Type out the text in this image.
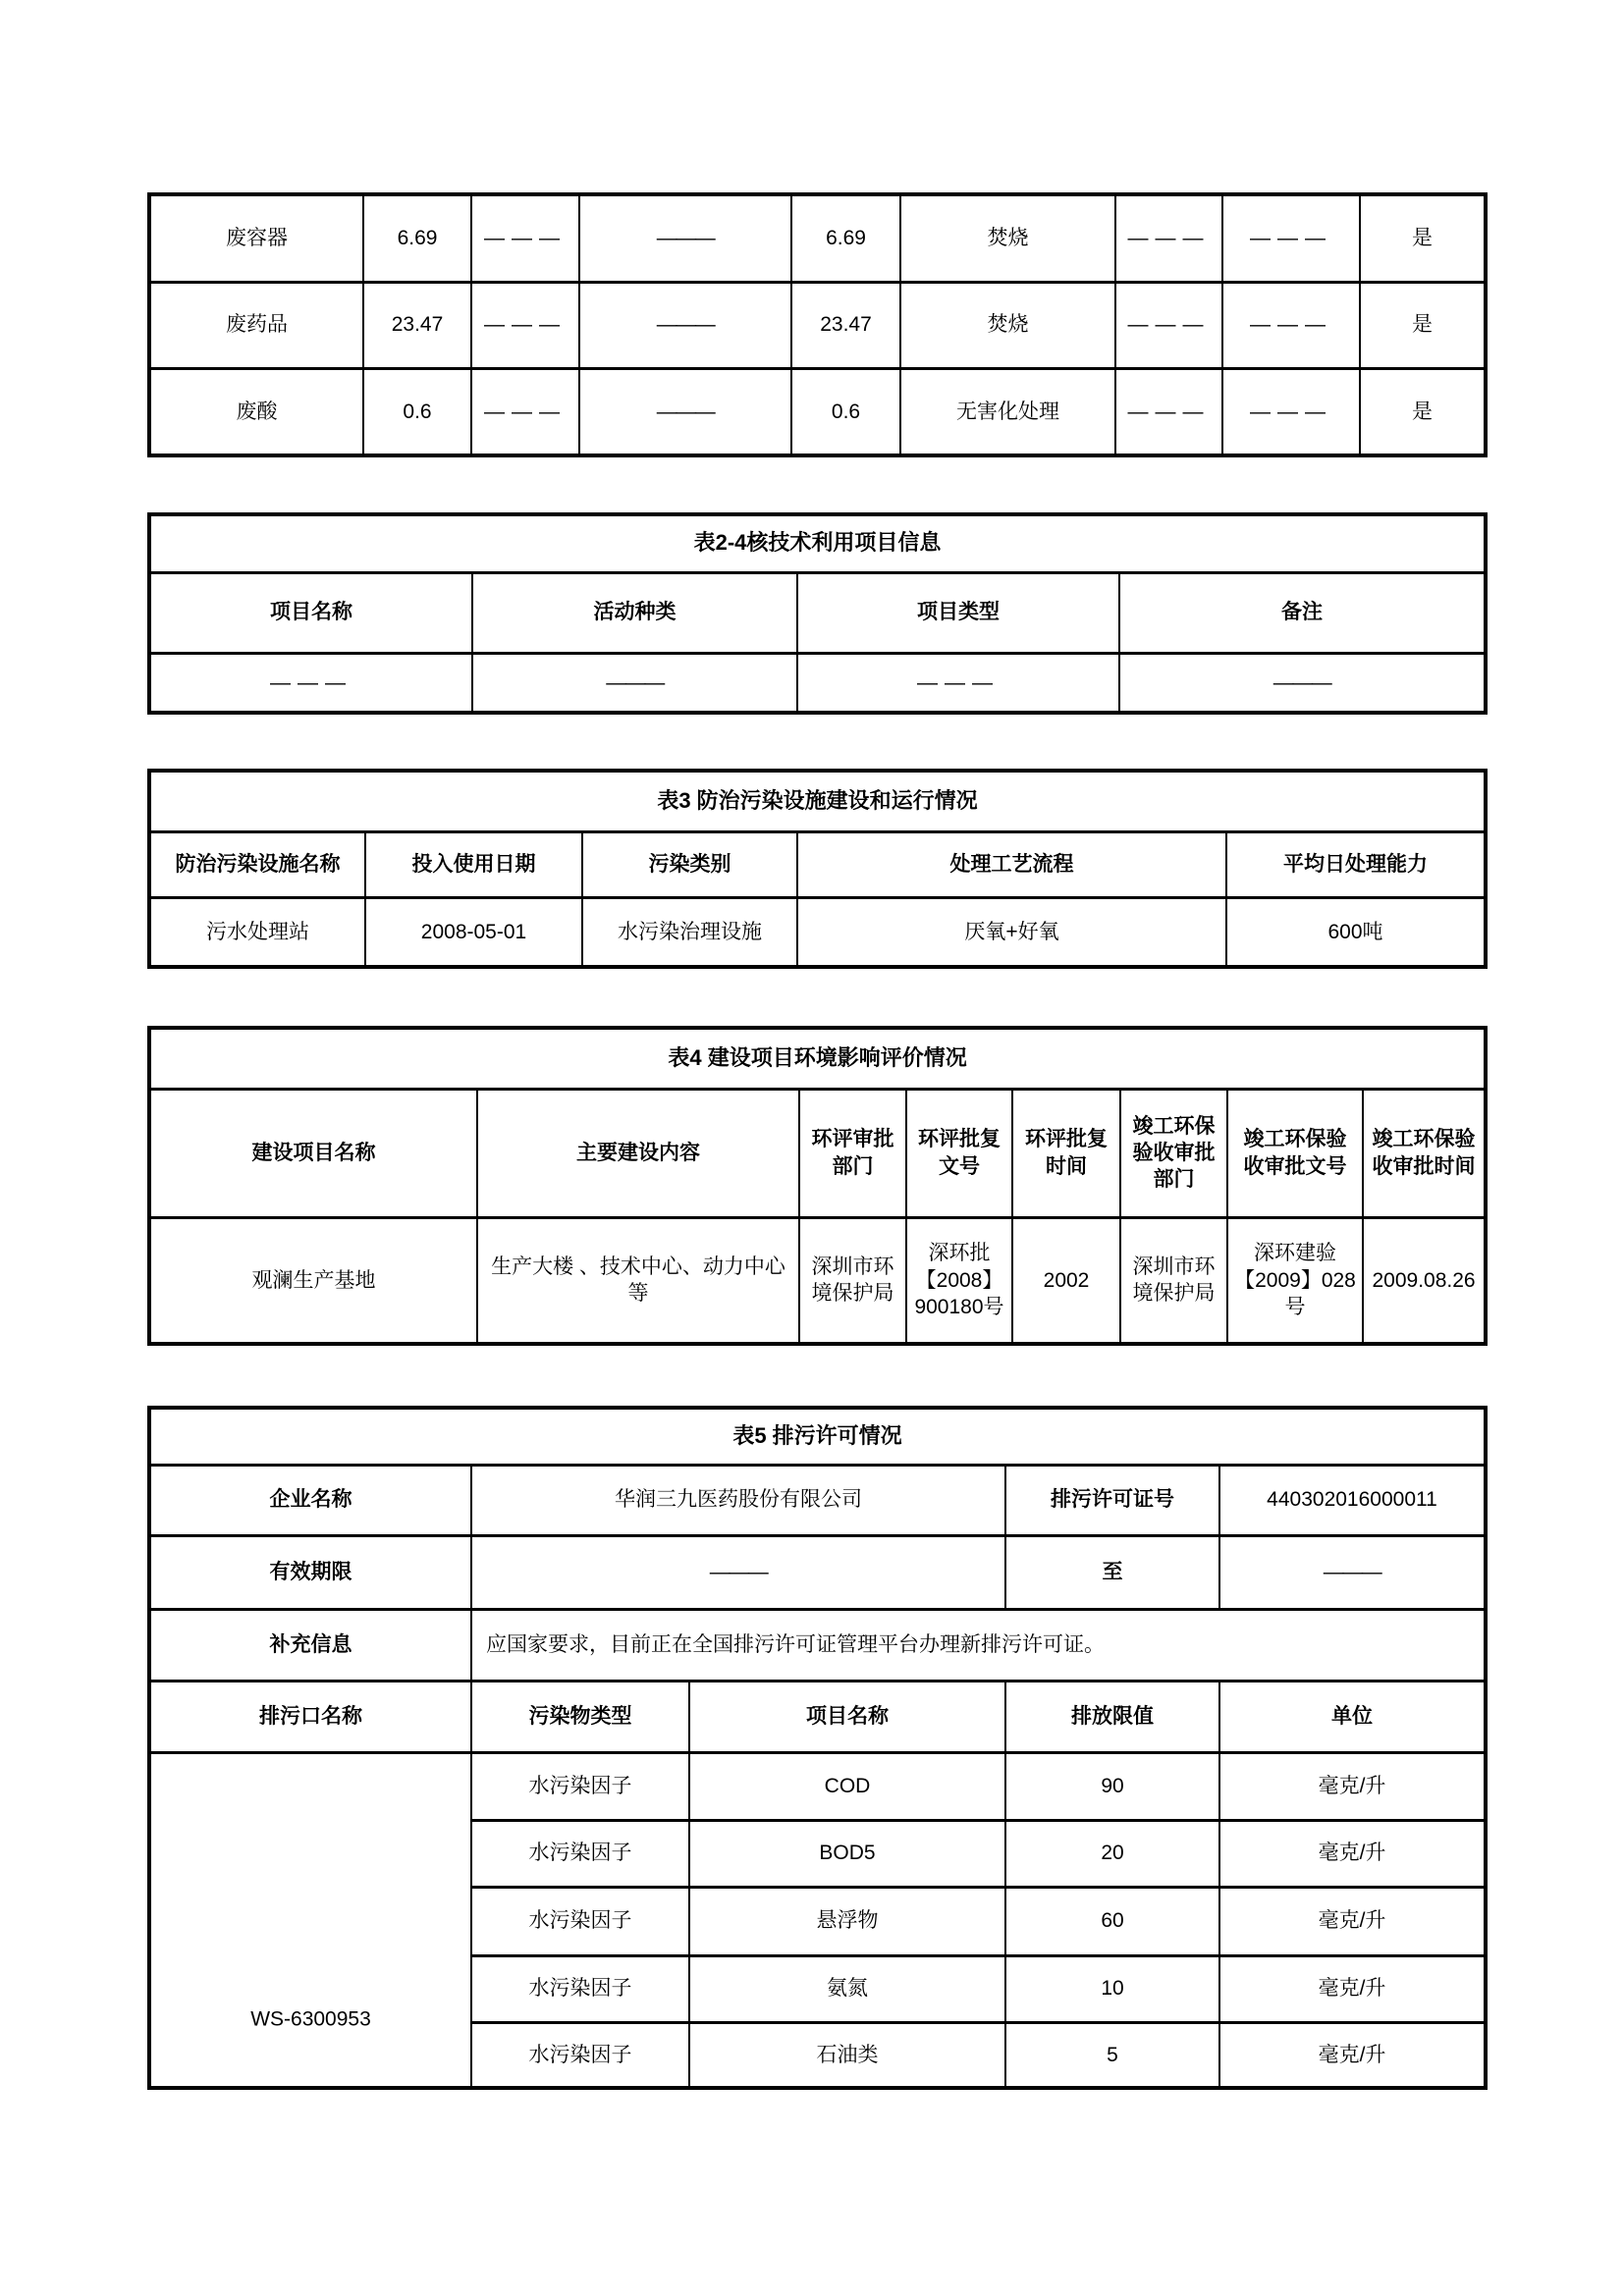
废容器	6.69	———	———	6.69	焚烧	———	———	是
废药品	23.47	———	———	23.47	焚烧	———	———	是
废酸	0.6	———	———	0.6	无害化处理	———	———	是
表2-4核技术利用项目信息			
项目名称	活动种类	项目类型	备注
———	———	———	———
表3 防治污染设施建设和运行情况				
防治污染设施名称	投入使用日期	污染类别	处理工艺流程	平均日处理能力
污水处理站	2008-05-01	水污染治理设施	厌氧+好氧	600吨
表4 建设项目环境影响评价情况							
建设项目名称	主要建设内容	环评审批部门	环评批复文号	环评批复时间	竣工环保验收审批部门	竣工环保验收审批文号	竣工环保验收审批时间
观澜生产基地	生产大楼 、技术中心、动力中心等	深圳市环境保护局	深环批【2008】900180号	2002	深圳市环境保护局	深环建验【2009】028号	2009.08.26
表5 排污许可情况				
企业名称	华润三九医药股份有限公司		排污许可证号	440302016000011
有效期限	———		至	———
补充信息	应国家要求，目前正在全国排污许可证管理平台办理新排污许可证。			
排污口名称	污染物类型	项目名称	排放限值	单位

WS-6300953	水污染因子	COD	90	毫克/升
	水污染因子	BOD5	20	毫克/升
	水污染因子	悬浮物	60	毫克/升
	水污染因子	氨氮	10	毫克/升
	水污染因子	石油类	5	毫克/升
